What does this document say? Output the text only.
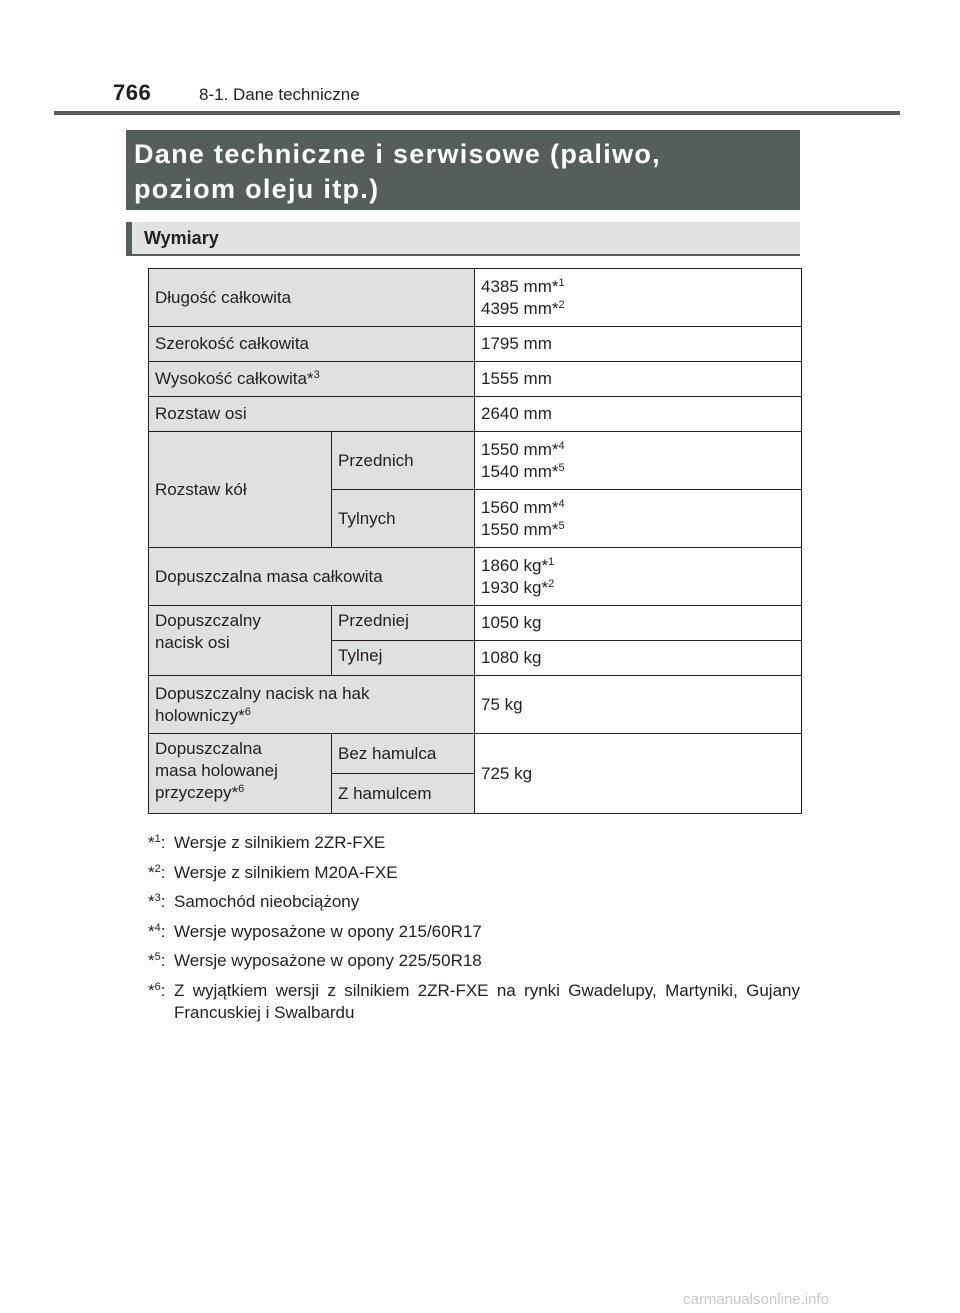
766	8-1. Dane techniczne
Dane techniczne i serwisowe (paliwo,
poziom oleju itp.)
Wymiary
Długość całkowita		4385 mm*$^1$
4395 mm*$^2$
Szerokość całkowita		1795 mm
Wysokość całkowita*$^3$		1555 mm
Rozstaw osi		2640 mm
Rozstaw kół	Przednich	1550 mm*$^4$
1540 mm*$^5$
	Tylnych	1560 mm*$^4$
1550 mm*$^5$
Dopuszczalna masa całkowita		1860 kg*$^1$
1930 kg*$^2$
Dopuszczalny
nacisk osi	Przedniej	1050 kg
	Tylnej	1080 kg
Dopuszczalny nacisk na hak
holowniczy*$^6$		75 kg
Dopuszczalna
masa holowanej
przyczepy*$^6$	Bez hamulca	725 kg
	Z hamulcem	
*$^1$: Wersje z silnikiem 2ZR-FXE
*$^2$: Wersje z silnikiem M20A-FXE
*$^3$: Samochód nieobciążony
*$^4$: Wersje wyposażone w opony 215/60R17
*$^5$: Wersje wyposażone w opony 225/50R18
*$^6$: Z wyjątkiem wersji z silnikiem 2ZR-FXE na rynki Gwadelupy, Martyniki, Gujany Francuskiej i Swalbardu
carmanualsonline.info
